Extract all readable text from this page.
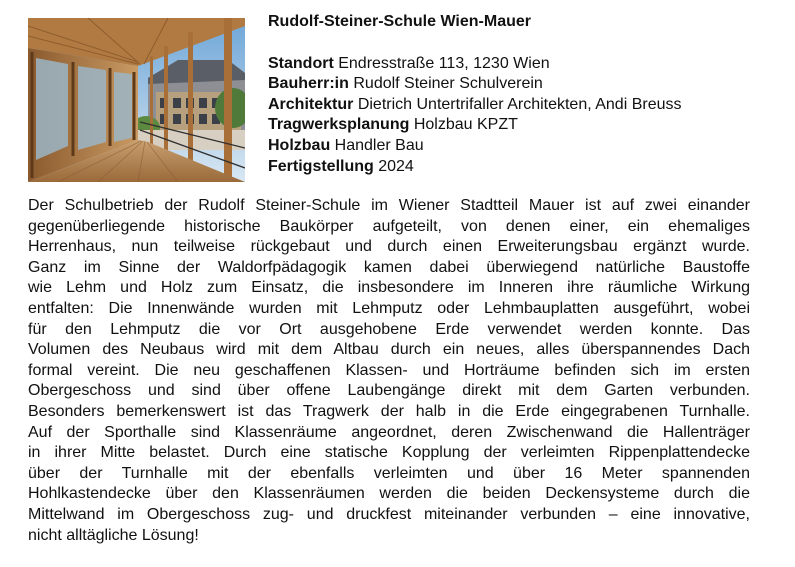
Rudolf-Steiner-Schule Wien-Mauer
Standort Endresstraße 113, 1230 Wien
Bauherr:in Rudolf Steiner Schulverein
Architektur Dietrich Untertrifaller Architekten, Andi Breuss
Tragwerksplanung Holzbau KPZT
Holzbau Handler Bau
Fertigstellung 2024

Der Schulbetrieb der Rudolf Steiner-Schule im Wiener Stadtteil Mauer ist auf zwei einander

gegenüberliegende historische Baukörper aufgeteilt, von denen einer, ein ehemaliges

Herrenhaus, nun teilweise rückgebaut und durch einen Erweiterungsbau ergänzt wurde.

Ganz im Sinne der Waldorfpädagogik kamen dabei überwiegend natürliche Baustoffe

wie Lehm und Holz zum Einsatz, die insbesondere im Inneren ihre räumliche Wirkung

entfalten: Die Innenwände wurden mit Lehmputz oder Lehmbauplatten ausgeführt, wobei

für den Lehmputz die vor Ort ausgehobene Erde verwendet werden konnte. Das

Volumen des Neubaus wird mit dem Altbau durch ein neues, alles überspannendes Dach

formal vereint. Die neu geschaffenen Klassen- und Horträume befinden sich im ersten

Obergeschoss und sind über offene Laubengänge direkt mit dem Garten verbunden.

Besonders bemerkenswert ist das Tragwerk der halb in die Erde eingegrabenen Turnhalle.

Auf der Sporthalle sind Klassenräume angeordnet, deren Zwischenwand die Hallenträger

in ihrer Mitte belastet. Durch eine statische Kopplung der verleimten Rippenplattendecke

über der Turnhalle mit der ebenfalls verleimten und über 16 Meter spannenden

Hohlkastendecke über den Klassenräumen werden die beiden Deckensysteme durch die

Mittelwand im Obergeschoss zug- und druckfest miteinander verbunden – eine innovative,

nicht alltägliche Lösung!
